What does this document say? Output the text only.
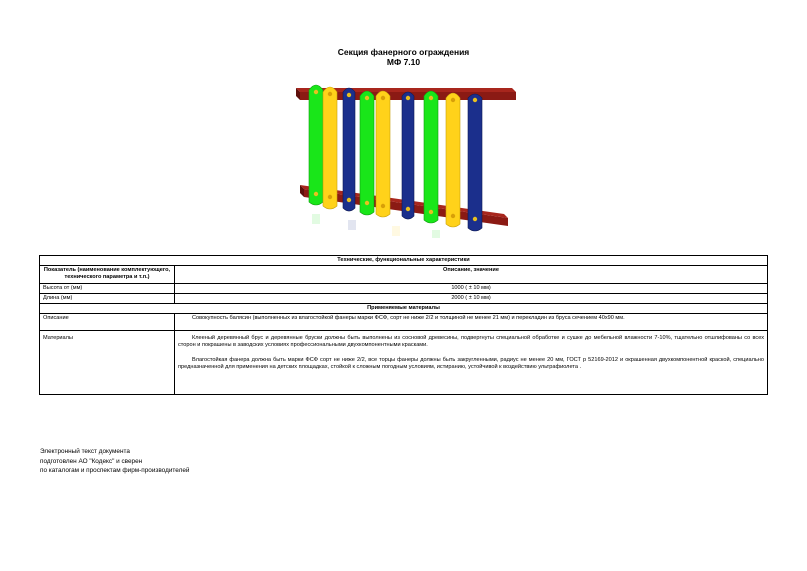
Секция фанерного ограждения
МФ 7.10
Технические, функциональные характеристики	
Показатель (наименование комплектующего, технического параметра и т.п.)	Описание, значение
Высота от (мм)	1000 ( ± 10 мм)
Длина (мм)	2000 ( ± 10 мм)
Применяемые материалы	
Описание	Совокупность балясин (выполненных из влагостойкой фанеры марки ФСФ, сорт не ниже 2/2 и толщиной не менее 21 мм) и перекладин из бруса сечением 40х90 мм.

Материалы	Клееный деревянный брус и деревянные бруски должны быть выполнены из сосновой древесины, подвергнуты специальной обработке и сушке до мебельной влажности 7-10%, тщательно отшлифованы со всех сторон и покрашены в заводских условиях профессиональными двухкомпонентными красками.

Влагостойкая фанера должна быть марки ФСФ сорт не ниже 2/2, все торцы фанеры должны быть закругленными, радиус не менее 20 мм, ГОСТ р 52169-2012 и окрашенная двухкомпонентной краской, специально предназначенной для применения на детских площадках, стойкой к сложным погодным условиям, истиранию, устойчивой к воздействию ультрафиолета .

Электронный текст документа
подготовлен АО "Кодекс" и сверен
по каталогам и проспектам фирм-производителей
